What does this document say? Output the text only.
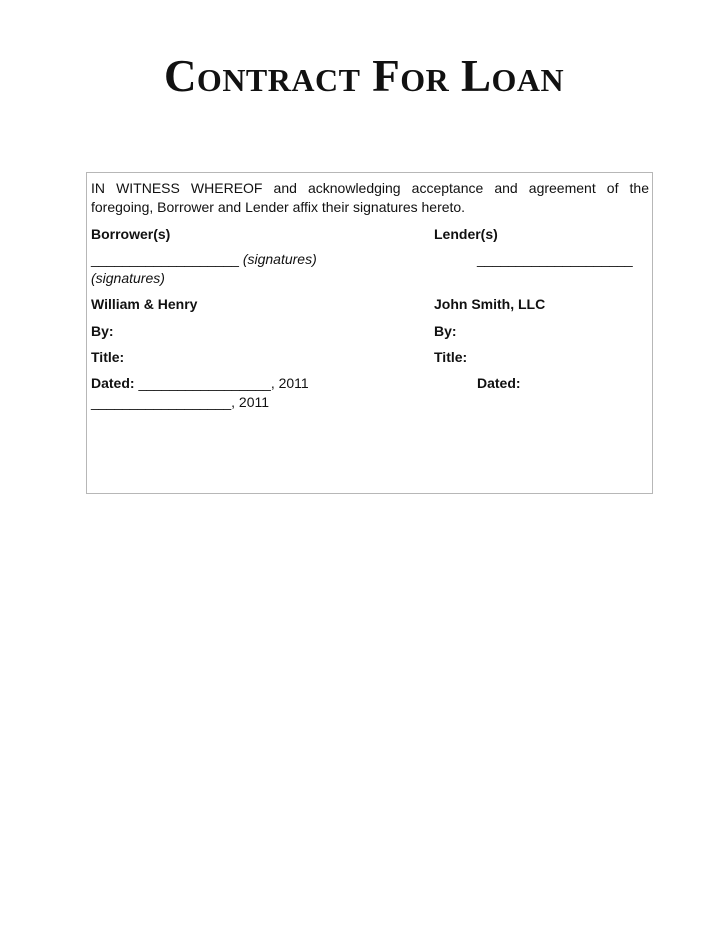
Contract For Loan
IN WITNESS WHEREOF and acknowledging acceptance and agreement of the foregoing, Borrower and Lender affix their signatures hereto.
Borrower(s)	Lender(s)
___________________ (signatures)	____________________
(signatures)
William & Henry	John Smith, LLC
By:	By:
Title:	Title:
Dated: _________________, 2011	Dated:
__________________, 2011
